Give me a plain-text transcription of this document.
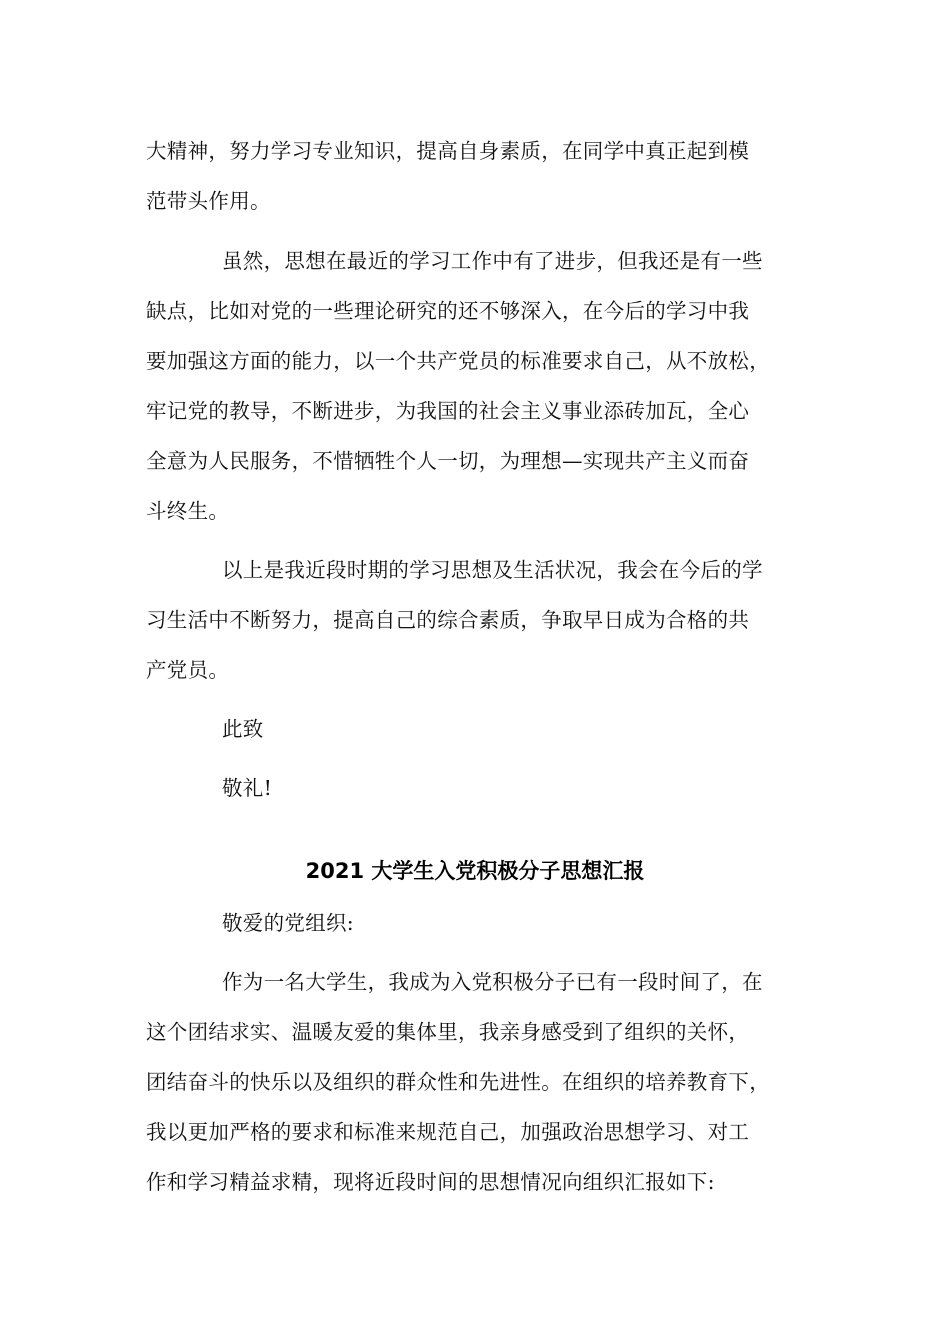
大精神，努力学习专业知识，提高自身素质，在同学中真正起到模
范带头作用。
虽然，思想在最近的学习工作中有了进步，但我还是有一些
缺点，比如对党的一些理论研究的还不够深入，在今后的学习中我
要加强这方面的能力，以一个共产党员的标准要求自己，从不放松，
牢记党的教导，不断进步，为我国的社会主义事业添砖加瓦，全心
全意为人民服务，不惜牺牲个人一切，为理想—实现共产主义而奋
斗终生。
以上是我近段时期的学习思想及生活状况，我会在今后的学
习生活中不断努力，提高自己的综合素质，争取早日成为合格的共
产党员。
此致
敬礼!
2021 大学生入党积极分子思想汇报
敬爱的党组织:
作为一名大学生，我成为入党积极分子已有一段时间了，在
这个团结求实、温暖友爱的集体里，我亲身感受到了组织的关怀，
团结奋斗的快乐以及组织的群众性和先进性。在组织的培养教育下，
我以更加严格的要求和标准来规范自己，加强政治思想学习、对工
作和学习精益求精，现将近段时间的思想情况向组织汇报如下:
